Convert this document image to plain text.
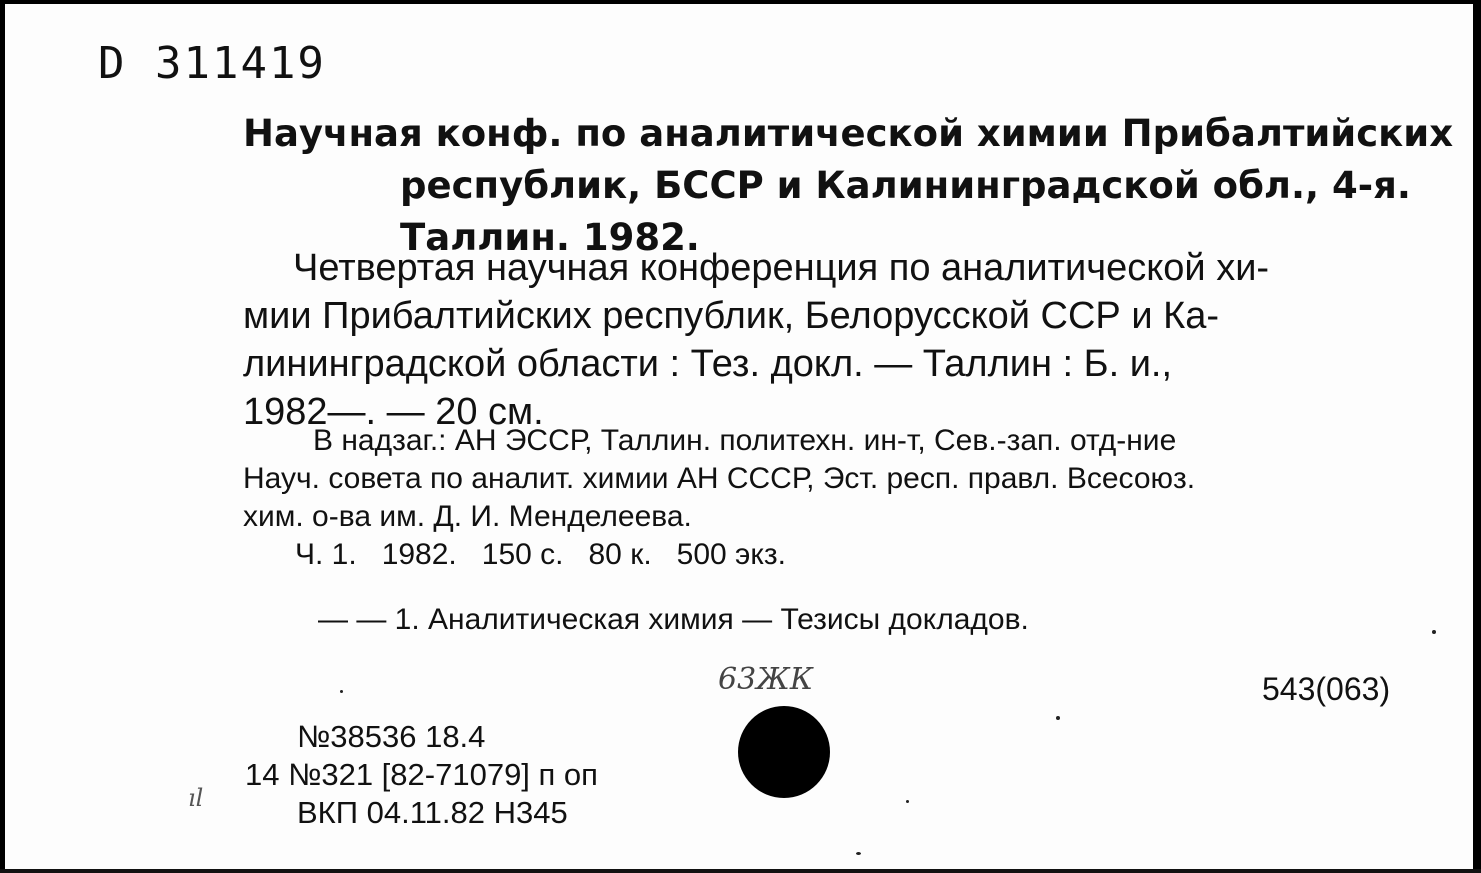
D 311419
Научная конф. по аналитической химии Прибалтийских
республик, БССР и Калининградской обл., 4-я.
Таллин. 1982.
Четвертая научная конференция по аналитической хи-
мии Прибалтийских республик, Белорусской ССР и Ка-
лининградской области : Тез. докл. — Таллин : Б. и.,
1982—. — 20 см.
В надзаг.: АН ЭССР, Таллин. политехн. ин-т, Сев.-зап. отд-ние
Науч. совета по аналит. химии АН СССР, Эст. респ. правл. Всесоюз.
хим. о-ва им. Д. И. Менделеева.
Ч. 1.   1982.   150 с.   80 к.   500 экз.
— — 1. Аналитическая химия — Тезисы докладов.
63ЖК	543(063)
№38536 18.4
14 №321 [82-71079] п оп
ВКП 04.11.82 Н345
ıl
